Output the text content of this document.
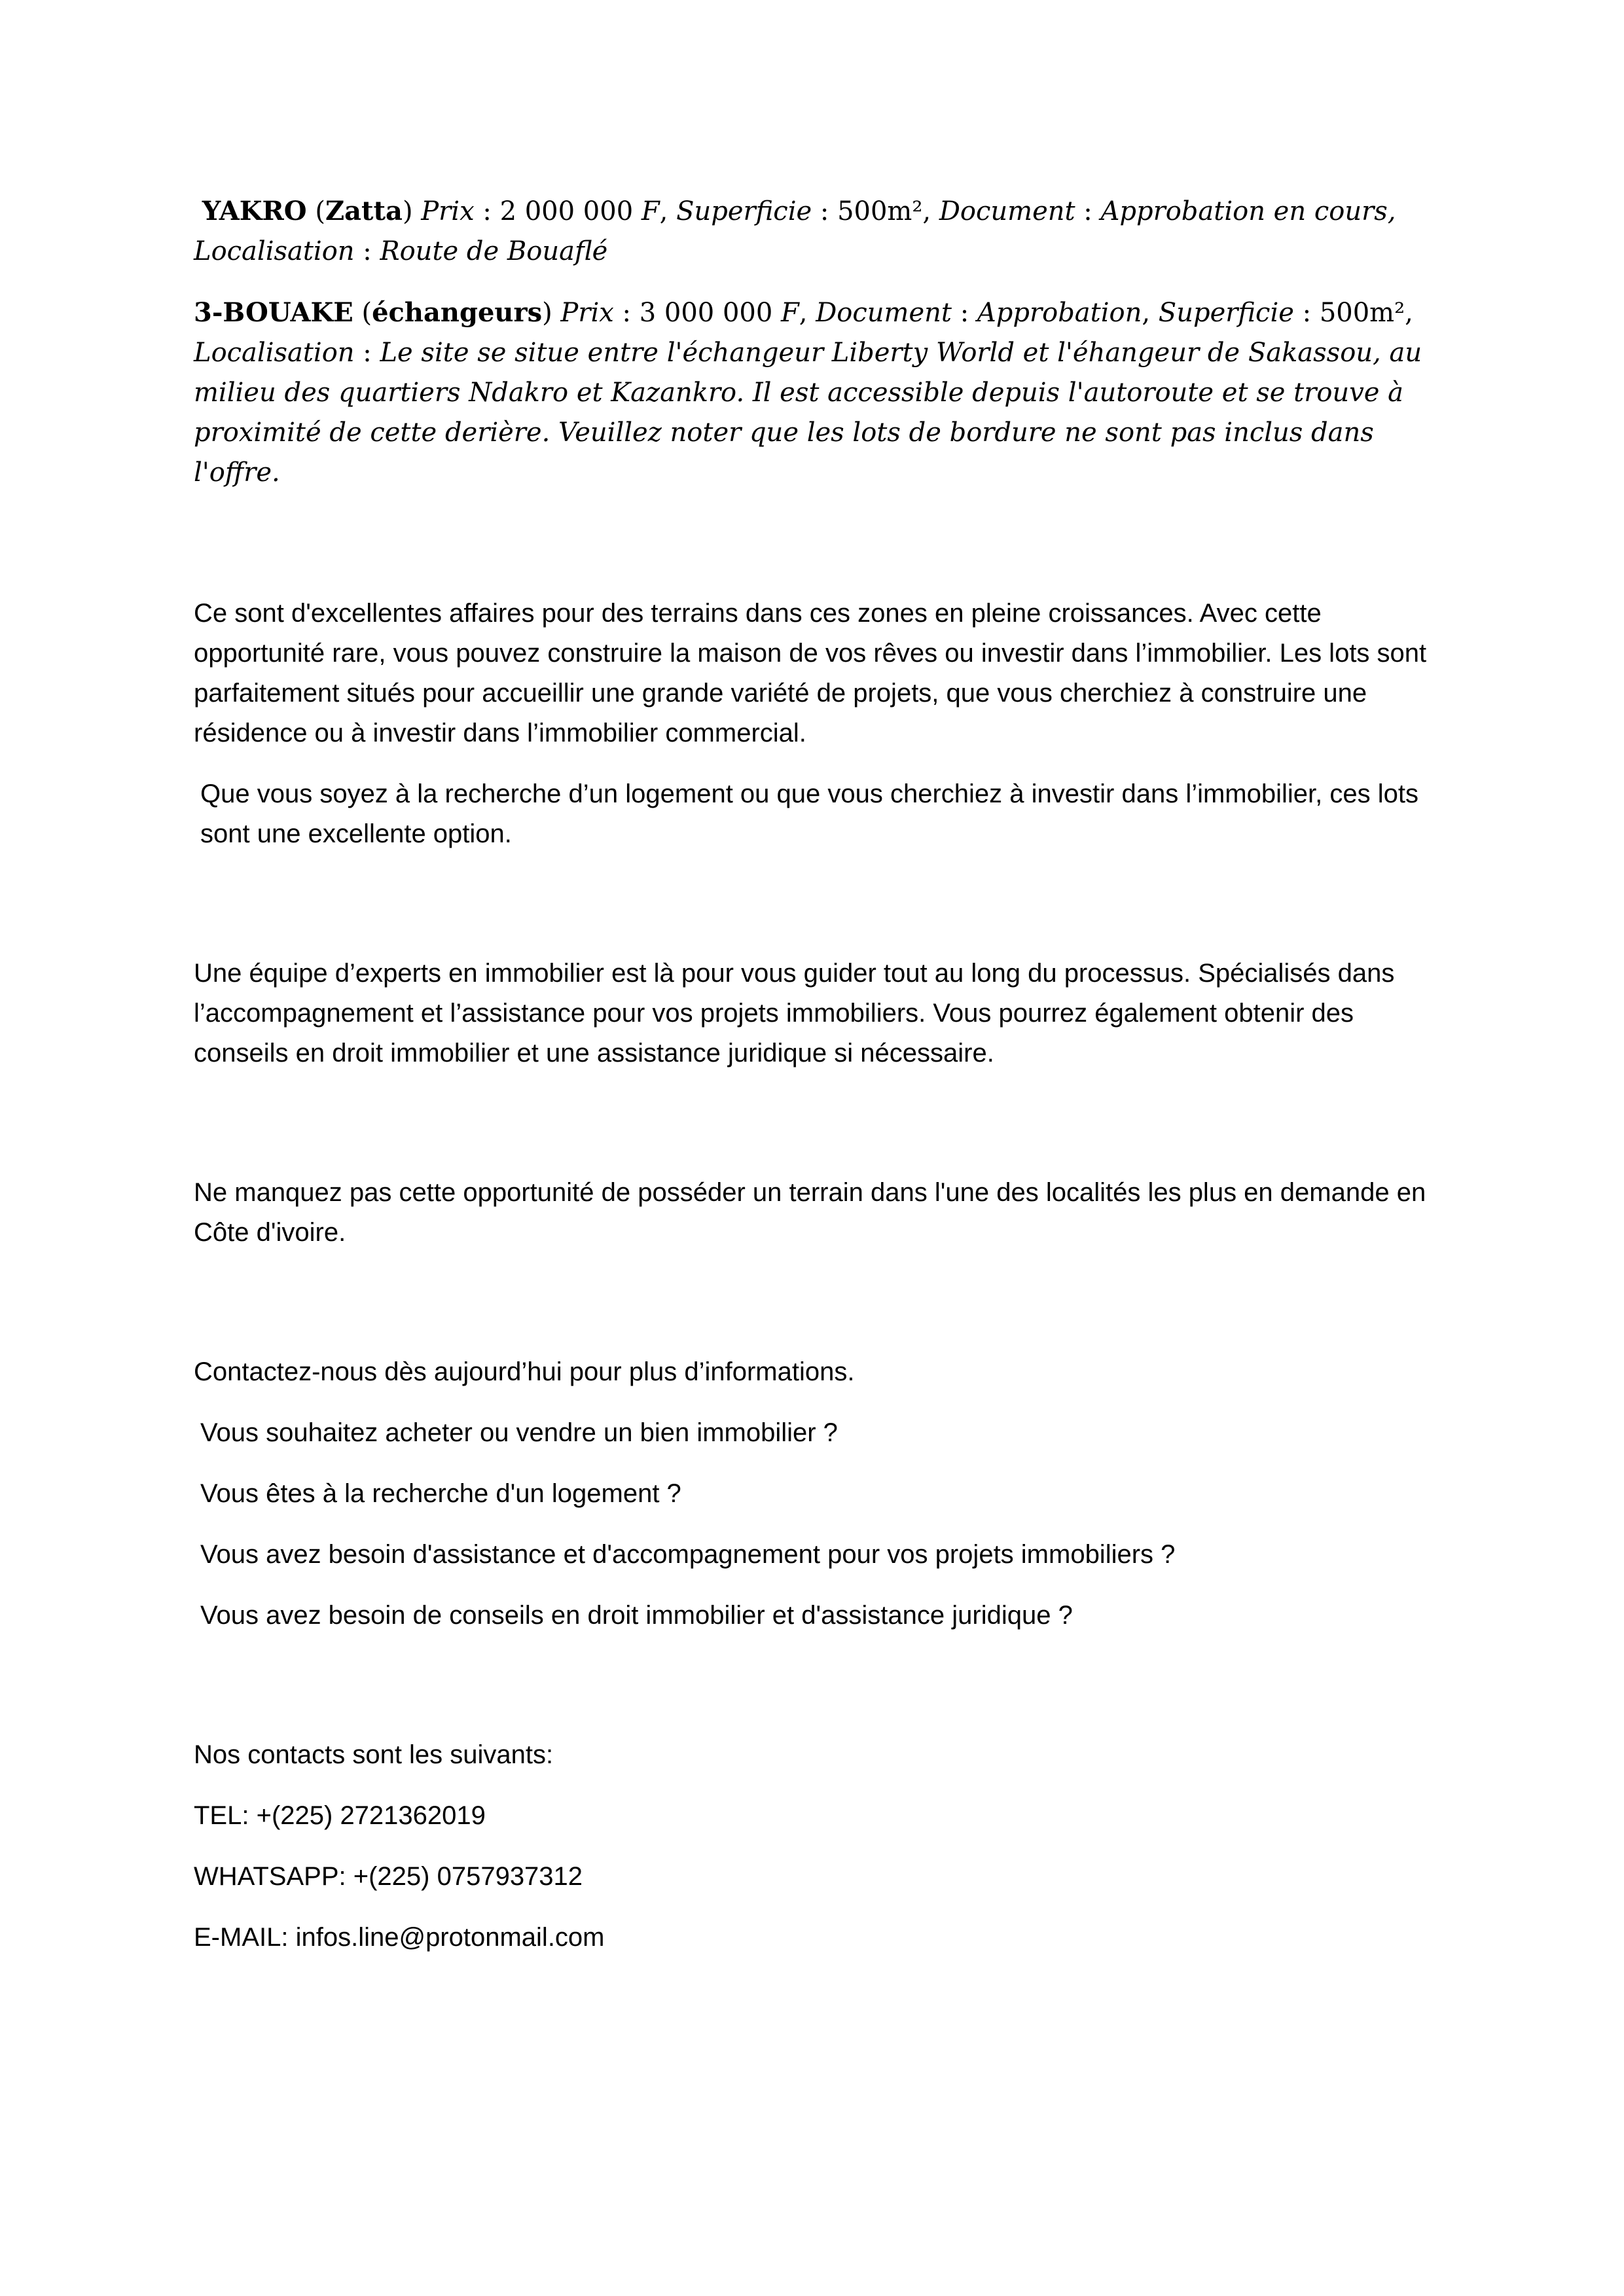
YAKRO (Zatta) Prix : 2 000 000 F, Superficie : 500m², Document : Approbation en cours, Localisation : Route de Bouaflé

3-BOUAKE (échangeurs) Prix : 3 000 000 F, Document : Approbation, Superficie : 500m², Localisation : Le site se situe entre l'échangeur Liberty World et l'éhangeur de Sakassou, au milieu des quartiers Ndakro et Kazankro. Il est accessible depuis l'autoroute et se trouve à proximité de cette derière. Veuillez noter que les lots de bordure ne sont pas inclus dans l'offre.

Ce sont d'excellentes affaires pour des terrains dans ces zones en pleine croissances. Avec cette opportunité rare, vous pouvez construire la maison de vos rêves ou investir dans l’immobilier. Les lots sont parfaitement situés pour accueillir une grande variété de projets, que vous cherchiez à construire une résidence ou à investir dans l’immobilier commercial.

Que vous soyez à la recherche d’un logement ou que vous cherchiez à investir dans l’immobilier, ces lots sont une excellente option.

Une équipe d’experts en immobilier est là pour vous guider tout au long du processus. Spécialisés dans l’accompagnement et l’assistance pour vos projets immobiliers. Vous pourrez également obtenir des conseils en droit immobilier et une assistance juridique si nécessaire.

Ne manquez pas cette opportunité de posséder un terrain dans l'une des localités les plus en demande en Côte d'ivoire.

Contactez-nous dès aujourd’hui pour plus d’informations.

Vous souhaitez acheter ou vendre un bien immobilier ?

Vous êtes à la recherche d'un logement ?

Vous avez besoin d'assistance et d'accompagnement pour vos projets immobiliers ?

Vous avez besoin de conseils en droit immobilier et d'assistance juridique ?

Nos contacts sont les suivants:

TEL: +(225) 2721362019

WHATSAPP: +(225) 0757937312

E-MAIL: infos.line@protonmail.com
